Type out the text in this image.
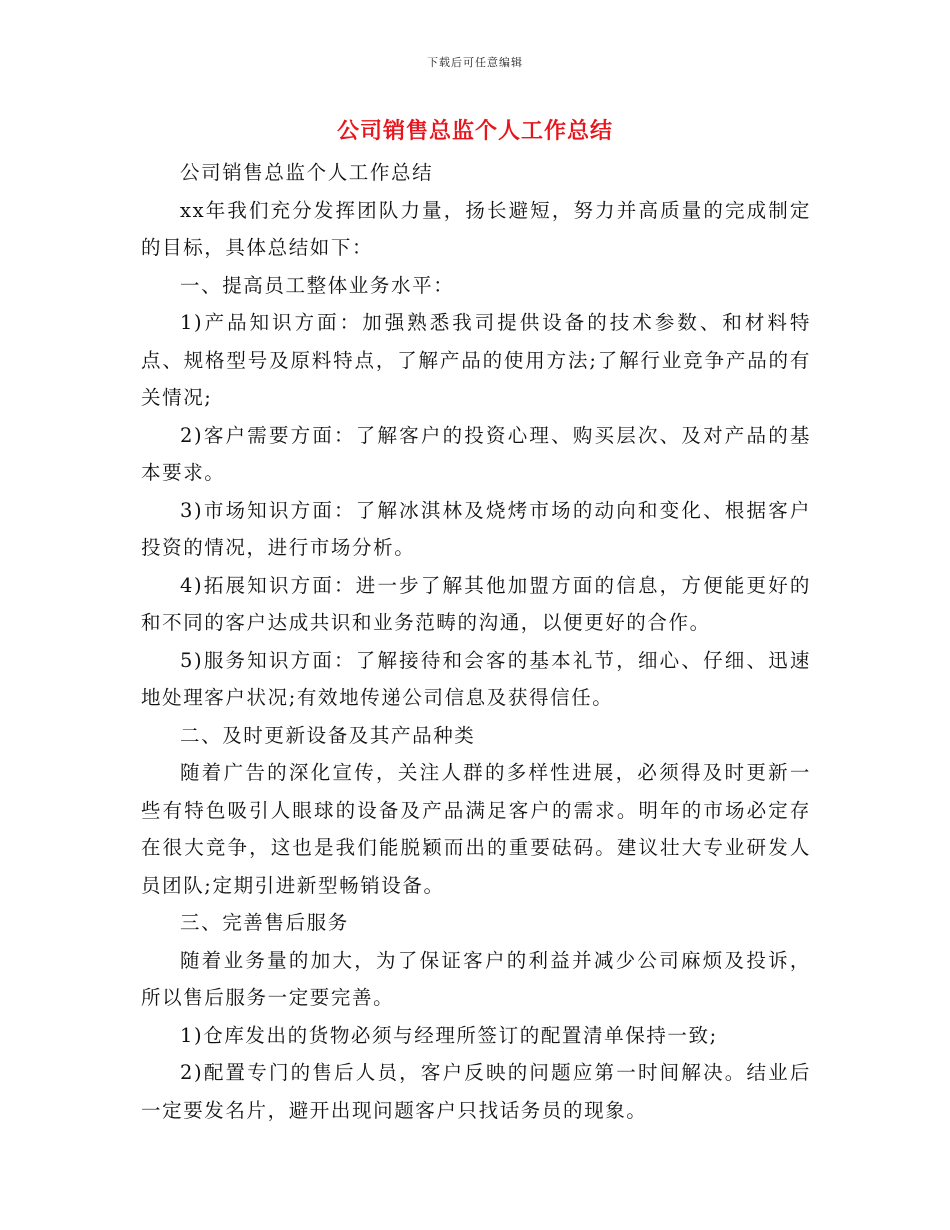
下载后可任意编辑
公司销售总监个人工作总结

公司销售总监个人工作总结

xx年我们充分发挥团队力量，扬长避短，努力并高质量的完成制定的目标，具体总结如下：

一、提高员工整体业务水平：

1)产品知识方面：加强熟悉我司提供设备的技术参数、和材料特点、规格型号及原料特点，了解产品的使用方法;了解行业竞争产品的有关情况;

2)客户需要方面：了解客户的投资心理、购买层次、及对产品的基本要求。

3)市场知识方面：了解冰淇林及烧烤市场的动向和变化、根据客户投资的情况，进行市场分析。

4)拓展知识方面：进一步了解其他加盟方面的信息，方便能更好的和不同的客户达成共识和业务范畴的沟通，以便更好的合作。

5)服务知识方面：了解接待和会客的基本礼节，细心、仔细、迅速地处理客户状况;有效地传递公司信息及获得信任。

二、及时更新设备及其产品种类

随着广告的深化宣传，关注人群的多样性进展，必须得及时更新一些有特色吸引人眼球的设备及产品满足客户的需求。明年的市场必定存在很大竞争，这也是我们能脱颖而出的重要砝码。建议壮大专业研发人员团队;定期引进新型畅销设备。

三、完善售后服务

随着业务量的加大，为了保证客户的利益并减少公司麻烦及投诉，所以售后服务一定要完善。

1)仓库发出的货物必须与经理所签订的配置清单保持一致;

2)配置专门的售后人员，客户反映的问题应第一时间解决。结业后一定要发名片，避开出现问题客户只找话务员的现象。
